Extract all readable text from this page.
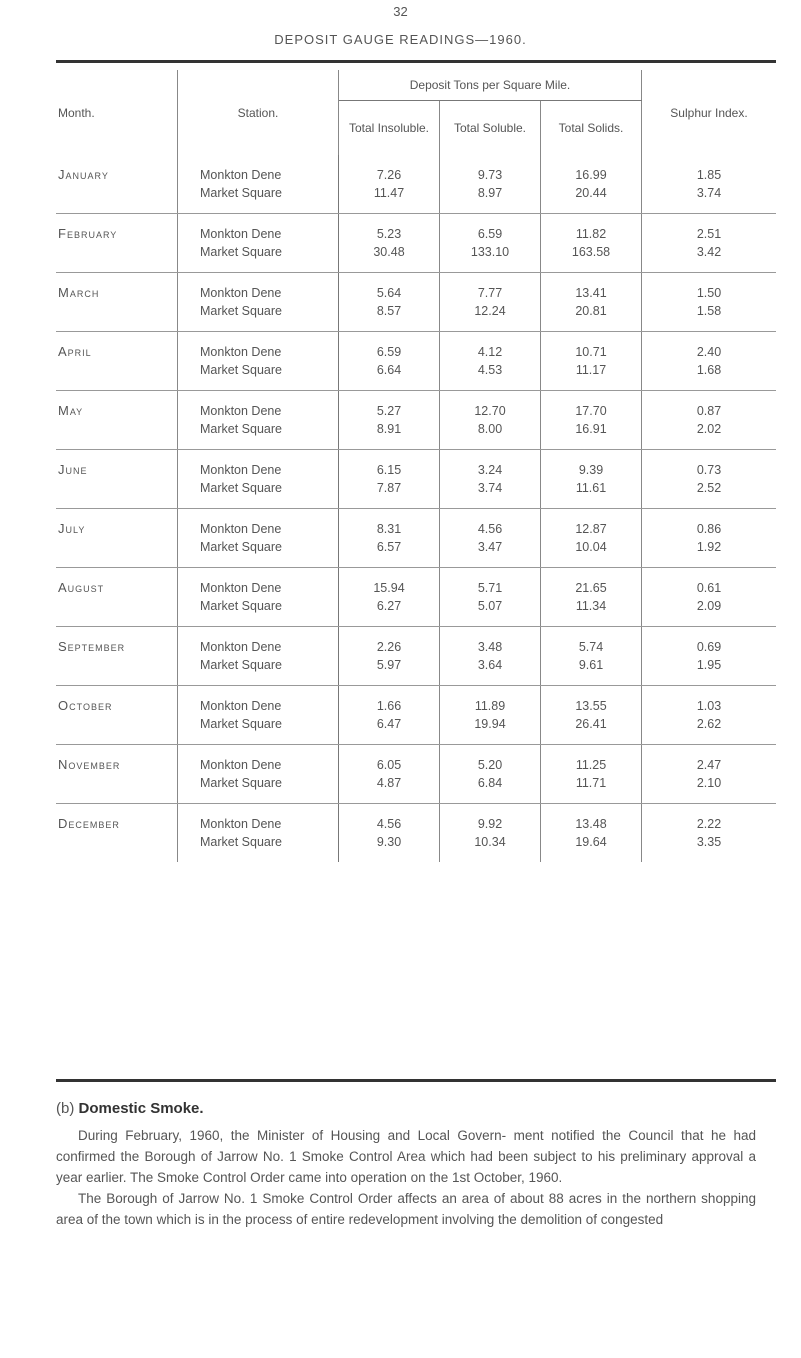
32
DEPOSIT GAUGE READINGS—1960.
Month.	Station.	Deposit Tons per Square Mile.			Sulphur Index.
		Total Insoluble.	Total Soluble.	Total Solids.	
January	Monkton Dene	7.26	9.73	16.99	1.85
	Market Square	11.47	8.97	20.44	3.74
February	Monkton Dene	5.23	6.59	11.82	2.51
	Market Square	30.48	133.10	163.58	3.42
March	Monkton Dene	5.64	7.77	13.41	1.50
	Market Square	8.57	12.24	20.81	1.58
April	Monkton Dene	6.59	4.12	10.71	2.40
	Market Square	6.64	4.53	11.17	1.68
May	Monkton Dene	5.27	12.70	17.70	0.87
	Market Square	8.91	8.00	16.91	2.02
June	Monkton Dene	6.15	3.24	9.39	0.73
	Market Square	7.87	3.74	11.61	2.52
July	Monkton Dene	8.31	4.56	12.87	0.86
	Market Square	6.57	3.47	10.04	1.92
August	Monkton Dene	15.94	5.71	21.65	0.61
	Market Square	6.27	5.07	11.34	2.09
September	Monkton Dene	2.26	3.48	5.74	0.69
	Market Square	5.97	3.64	9.61	1.95
October	Monkton Dene	1.66	11.89	13.55	1.03
	Market Square	6.47	19.94	26.41	2.62
November	Monkton Dene	6.05	5.20	11.25	2.47
	Market Square	4.87	6.84	11.71	2.10
December	Monkton Dene	4.56	9.92	13.48	2.22
	Market Square	9.30	10.34	19.64	3.35
(b) Domestic Smoke.

During February, 1960, the Minister of Housing and Local Govern- ment notified the Council that he had confirmed the Borough of Jarrow No. 1 Smoke Control Area which had been subject to his preliminary approval a year earlier. The Smoke Control Order came into operation on the 1st October, 1960.

The Borough of Jarrow No. 1 Smoke Control Order affects an area of about 88 acres in the northern shopping area of the town which is in the process of entire redevelopment involving the demolition of congested
